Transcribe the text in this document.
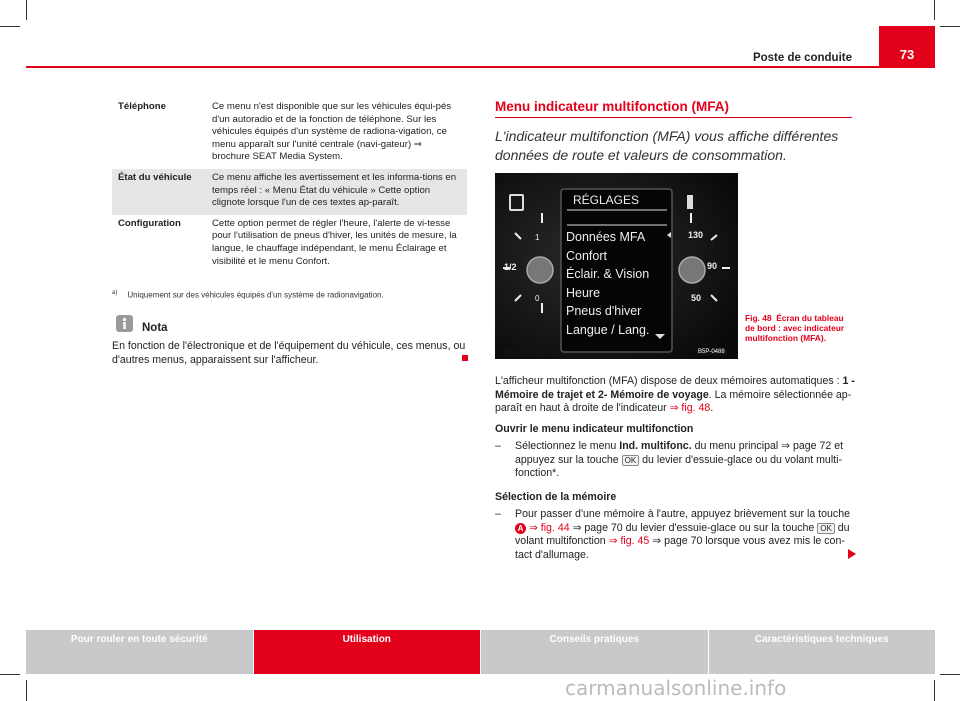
Poste de conduite	73
Téléphone	Ce menu n'est disponible que sur les véhicules équi-pés d'un autoradio et de la fonction de téléphone. Sur les véhicules équipés d'un système de radiona-vigation, ce menu apparaît sur l'unité centrale (navi-gateur) ⇒ brochure SEAT Media System.
État du véhicule	Ce menu affiche les avertissement et les informa-tions en temps réel : « Menu État du véhicule » Cette option clignote lorsque l'un de ces textes ap-paraît.
Configuration	Cette option permet de régler l'heure, l'alerte de vi-tesse pour l'utilisation de pneus d'hiver, les unités de mesure, la langue, le chauffage indépendant, le menu Éclairage et visibilité et le menu Confort.
$^{a)}$ Uniquement sur des véhicules équipés d'un système de radionavigation.
Nota
En fonction de l'électronique et de l'équipement du véhicule, ces menus, ou d'autres menus, apparaissent sur l'afficheur.
Menu indicateur multifonction (MFA)
L'indicateur multifonction (MFA) vous affiche différentes données de route et valeurs de consommation.
RÉGLAGES
Données MFA
Confort
Éclair. & Vision
Heure
Pneus d'hiver
Langue / Lang.
1
1/2
0
130
90
50
B5P-0488
Fig. 48 Écran du tableau de bord : avec indicateur multifonction (MFA).
L'afficheur multifonction (MFA) dispose de deux mémoires automatiques : 1 - Mémoire de trajet et 2- Mémoire de voyage. La mémoire sélectionnée ap-paraît en haut à droite de l'indicateur ⇒ fig. 48.
Ouvrir le menu indicateur multifonction
–	Sélectionnez le menu Ind. multifonc. du menu principal ⇒ page 72 et appuyez sur la touche OK du levier d'essuie-glace ou du volant multi-fonction*.
Sélection de la mémoire
–	Pour passer d'une mémoire à l'autre, appuyez brièvement sur la touche A ⇒ fig. 44 ⇒ page 70 du levier d'essuie-glace ou sur la touche OK du volant multifonction ⇒ fig. 45 ⇒ page 70 lorsque vous avez mis le con-tact d'allumage.
Pour rouler en toute sécurité	Utilisation	Conseils pratiques	Caractéristiques techniques
carmanualsonline.info
